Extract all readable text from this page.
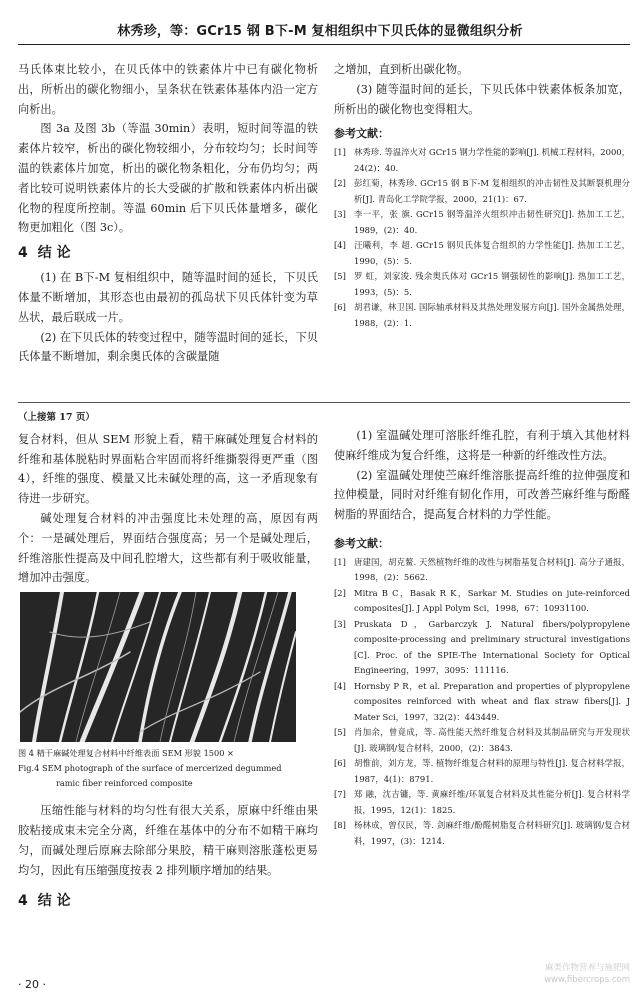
林秀珍，等：GCr15 钢 B下-M 复相组织中下贝氏体的显微组织分析

马氏体束比较小，在贝氏体中的铁素体片中已有碳化物析出，所析出的碳化物细小，呈条状在铁素体基体内沿一定方向析出。

图 3a 及图 3b（等温 30min）表明，短时间等温的铁素体片较窄，析出的碳化物较细小，分布较均匀；长时间等温的铁素体片加宽，析出的碳化物条粗化，分布仍均匀；两者比较可说明铁素体片的长大受碳的扩散和铁素体内析出碳化物的程度所控制。等温 60min 后下贝氏体量增多，碳化物更加粗化（图 3c）。

4 结 论

(1) 在 B下-M 复相组织中，随等温时间的延长，下贝氏体量不断增加，其形态也由最初的孤岛状下贝氏体针变为草丛状，最后联成一片。

(2) 在下贝氏体的转变过程中，随等温时间的延长，下贝氏体量不断增加，剩余奥氏体的含碳量随

之增加，直到析出碳化物。

(3) 随等温时间的延长，下贝氏体中铁素体板条加宽，所析出的碳化物也变得粗大。

参考文献：
[1] 林秀珍. 等温淬火对 GCr15 钢力学性能的影响[J]. 机械工程材料，2000，24(2)：40.
[2] 彭红菊，林秀珍. GCr15 钢 B下-M 复相组织的冲击韧性及其断裂机理分析[J]. 青岛化工学院学报，2000，21(1)：67.
[3] 李一平，张 旗. GCr15 钢等温淬火组织冲击韧性研究[J]. 热加工工艺，1989，(2)：40.
[4] 汪曦利，李 超. GCr15 钢贝氏体复合组织的力学性能[J]. 热加工工艺，1990，(5)：5.
[5] 罗 虹，刘家浚. 残余奥氏体对 GCr15 钢强韧性的影响[J]. 热加工工艺，1993，(5)：5.
[6] 胡君谦，林卫国. 国际轴承材料及其热处理发展方向[J]. 国外金属热处理，1988，(2)：1.
（上接第 17 页）

复合材料，但从 SEM 形貌上看，精干麻碱处理复合材料的纤维和基体脱粘时界面粘合牢固而将纤维撕裂得更严重（图 4），纤维的强度、模量又比未碱处理的高，这一矛盾现象有待进一步研究。

碱处理复合材料的冲击强度比未处理的高，原因有两个：一是碱处理后，界面结合强度高；另一个是碱处理后，纤维溶胀性提高及中间孔腔增大，这些都有利于吸收能量，增加冲击强度。

图 4 精干麻碱处理复合材料中纤维表面 SEM 形貌 1500 ×
Fig.4 SEM photograph of the surface of mercerized degummed
ramic fiber reinforced composite

压缩性能与材料的均匀性有很大关系，原麻中纤维由果胶粘接成束未完全分离，纤维在基体中的分布不如精干麻均匀，而碱处理后原麻去除部分果胶，精干麻则溶胀蓬松更易均匀，因此有压缩强度按表 2 排列顺序增加的结果。

4 结 论

(1) 室温碱处理可溶胀纤维孔腔，有利于填入其他材料使麻纤维成为复合纤维，这将是一种新的纤维改性方法。

(2) 室温碱处理使苎麻纤维溶胀提高纤维的拉伸强度和拉伸模量，同时对纤维有韧化作用，可改善苎麻纤维与酚醛树脂的界面结合，提高复合材料的力学性能。

参考文献：
[1] 唐建国，胡克鳌. 天然植物纤维的改性与树脂基复合材料[J]. 高分子通报，1998，(2)：5662.
[2] Mitra B C，Basak R K，Sarkar M. Studies on jute-reinforced composites[J]. J Appl Polym Sci，1998，67：10931100.
[3] Pruskata D，Garbarczyk J. Natural fibers/polypropylene composite-processing and preliminary structural investigations [C]. Proc. of the SPIE-The International Society for Optical Engineering，1997，3095：111116.
[4] Hornsby P R，et al. Preparation and properties of plypropylene composites reinforced with wheat and flax straw fibers[J]. J Mater Sci，1997，32(2)：443449.
[5] 肖加余，曾竟成，等. 高性能天然纤维复合材料及其制品研究与开发现状[J]. 玻璃钢/复合材料，2000，(2)：3843.
[6] 胡惟前，刘方龙，等. 植物纤维复合材料的原理与特性[J]. 复合材料学报，1987，4(1)：8791.
[7] 郑 融，沈吉镛，等. 黄麻纤维/环氧复合材料及其性能分析[J]. 复合材料学报，1995，12(1)：1825.
[8] 杨林成，曾仅民，等. 剑麻纤维/酚醛树脂复合材料研究[J]. 玻璃钢/复合材料，1997，(3)：1214.
· 20 ·
麻类作物营养与施肥网
www.fibercrops.com
